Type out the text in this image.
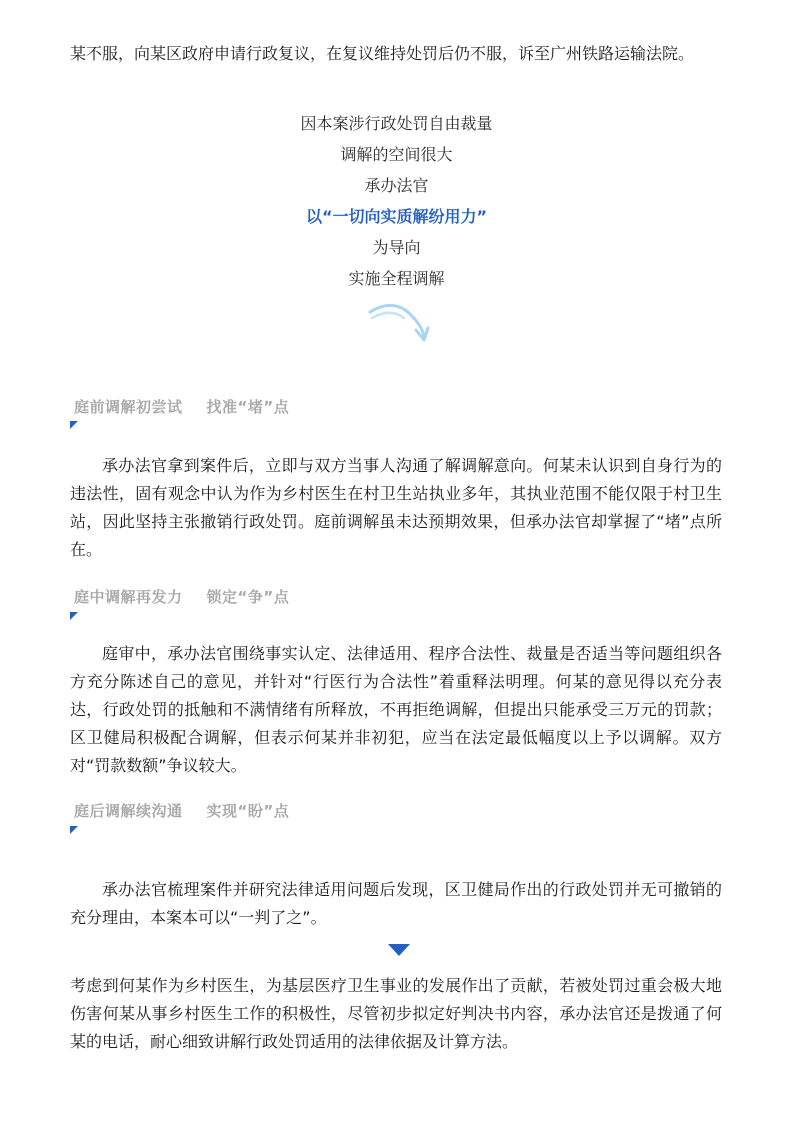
某不服，向某区政府申请行政复议，在复议维持处罚后仍不服，诉至广州铁路运输法院。

因本案涉行政处罚自由裁量
调解的空间很大
承办法官
以“一切向实质解纷用力”
为导向
实施全程调解
庭前调解初尝试 找准“堵”点

承办法官拿到案件后，立即与双方当事人沟通了解调解意向。何某未认识到自身行为的违法性，固有观念中认为作为乡村医生在村卫生站执业多年，其执业范围不能仅限于村卫生站，因此坚持主张撤销行政处罚。庭前调解虽未达预期效果，但承办法官却掌握了“堵”点所在。

庭中调解再发力 锁定“争”点

庭审中，承办法官围绕事实认定、法律适用、程序合法性、裁量是否适当等问题组织各方充分陈述自己的意见，并针对“行医行为合法性”着重释法明理。何某的意见得以充分表达，行政处罚的抵触和不满情绪有所释放，不再拒绝调解，但提出只能承受三万元的罚款；区卫健局积极配合调解，但表示何某并非初犯，应当在法定最低幅度以上予以调解。双方对“罚款数额”争议较大。

庭后调解续沟通 实现“盼”点

承办法官梳理案件并研究法律适用问题后发现，区卫健局作出的行政处罚并无可撤销的充分理由，本案本可以“一判了之”。

考虑到何某作为乡村医生，为基层医疗卫生事业的发展作出了贡献，若被处罚过重会极大地伤害何某从事乡村医生工作的积极性，尽管初步拟定好判决书内容，承办法官还是拨通了何某的电话，耐心细致讲解行政处罚适用的法律依据及计算方法。
